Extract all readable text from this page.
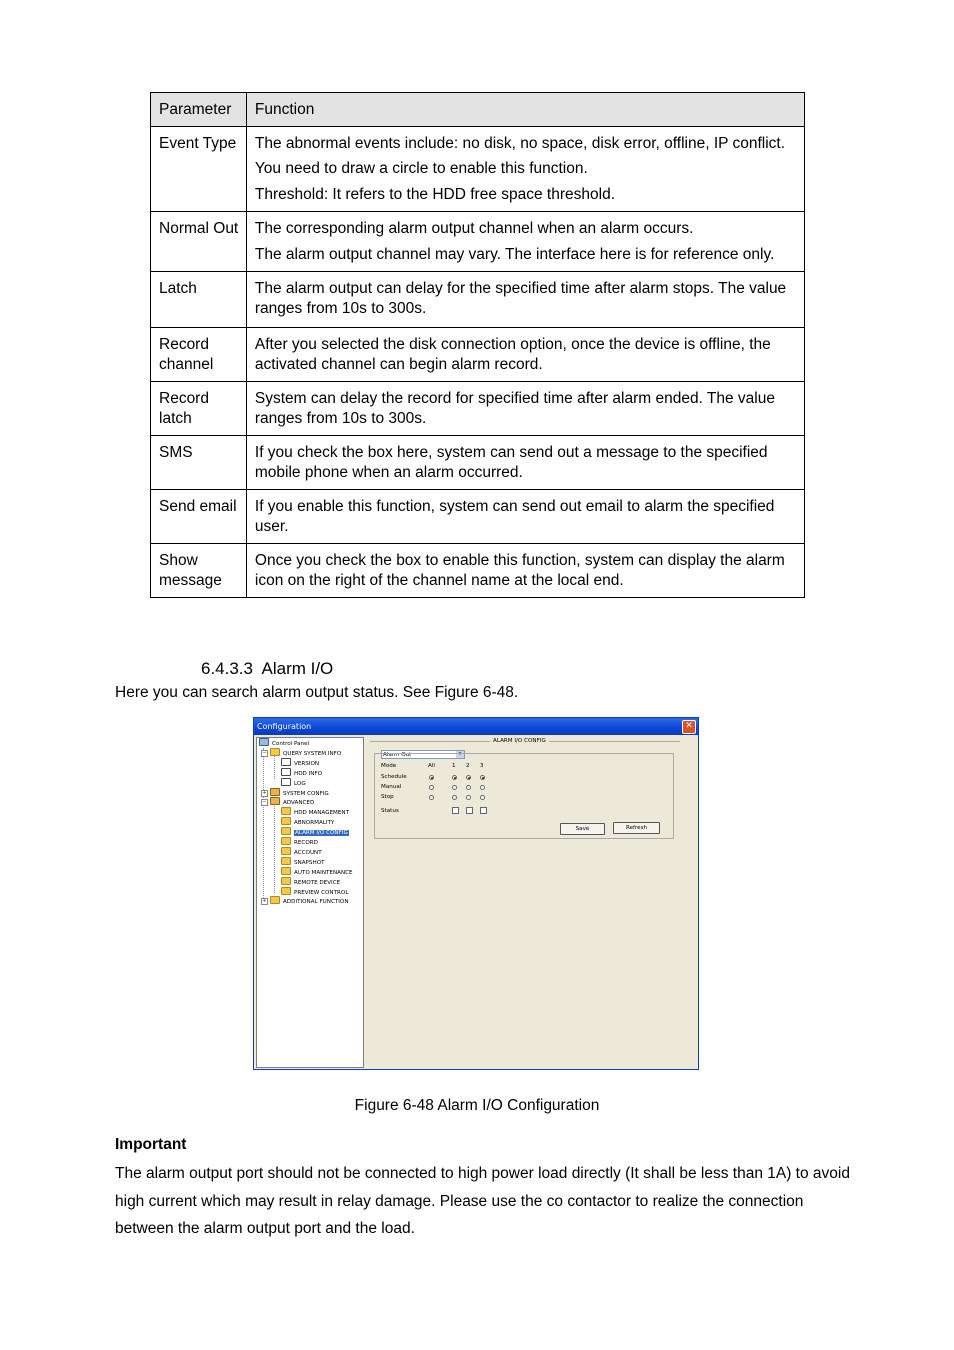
Parameter	Function
Event Type	The abnormal events include: no disk, no space, disk error, offline, IP conflict.

You need to draw a circle to enable this function.

Threshold: It refers to the HDD free space threshold.

Normal Out	The corresponding alarm output channel when an alarm occurs.

The alarm output channel may vary. The interface here is for reference only.

Latch	The alarm output can delay for the specified time after alarm stops. The value ranges from 10s to 300s.

Record channel	After you selected the disk connection option, once the device is offline, the activated channel can begin alarm record.

Record latch	System can delay the record for specified time after alarm ended. The value ranges from 10s to 300s.

SMS	If you check the box here, system can send out a message to the specified mobile phone when an alarm occurred.

Send email	If you enable this function, system can send out email to alarm the specified user.

Show message	Once you check the box to enable this function, system can display the alarm icon on the right of the channel name at the local end.

6.4.3.3  Alarm I/O
Here you can search alarm output status. See Figure 6-48.
Configuration	✕
Control Panel
−	QUERY SYSTEM INFO
VERSION
HDD INFO
LOG
+	SYSTEM CONFIG
−	ADVANCED
HDD MANAGEMENT
ABNORMALITY
ALARM I/O CONFIG
RECORD
ACCOUNT
SNAPSHOT
AUTO MAINTENANCE
REMOTE DEVICE
PREVIEW CONTROL
+	ADDITIONAL FUNCTION
ALARM I/O CONFIG
Alarm Out	▾
Mode	All	1 2 3
Schedule
Manual
Stop
Status
Save	Refresh
Figure 6-48 Alarm I/O Configuration
Important

The alarm output port should not be connected to high power load directly (It shall be less than 1A) to avoid high current which may result in relay damage. Please use the co contactor to realize the connection between the alarm output port and the load.
